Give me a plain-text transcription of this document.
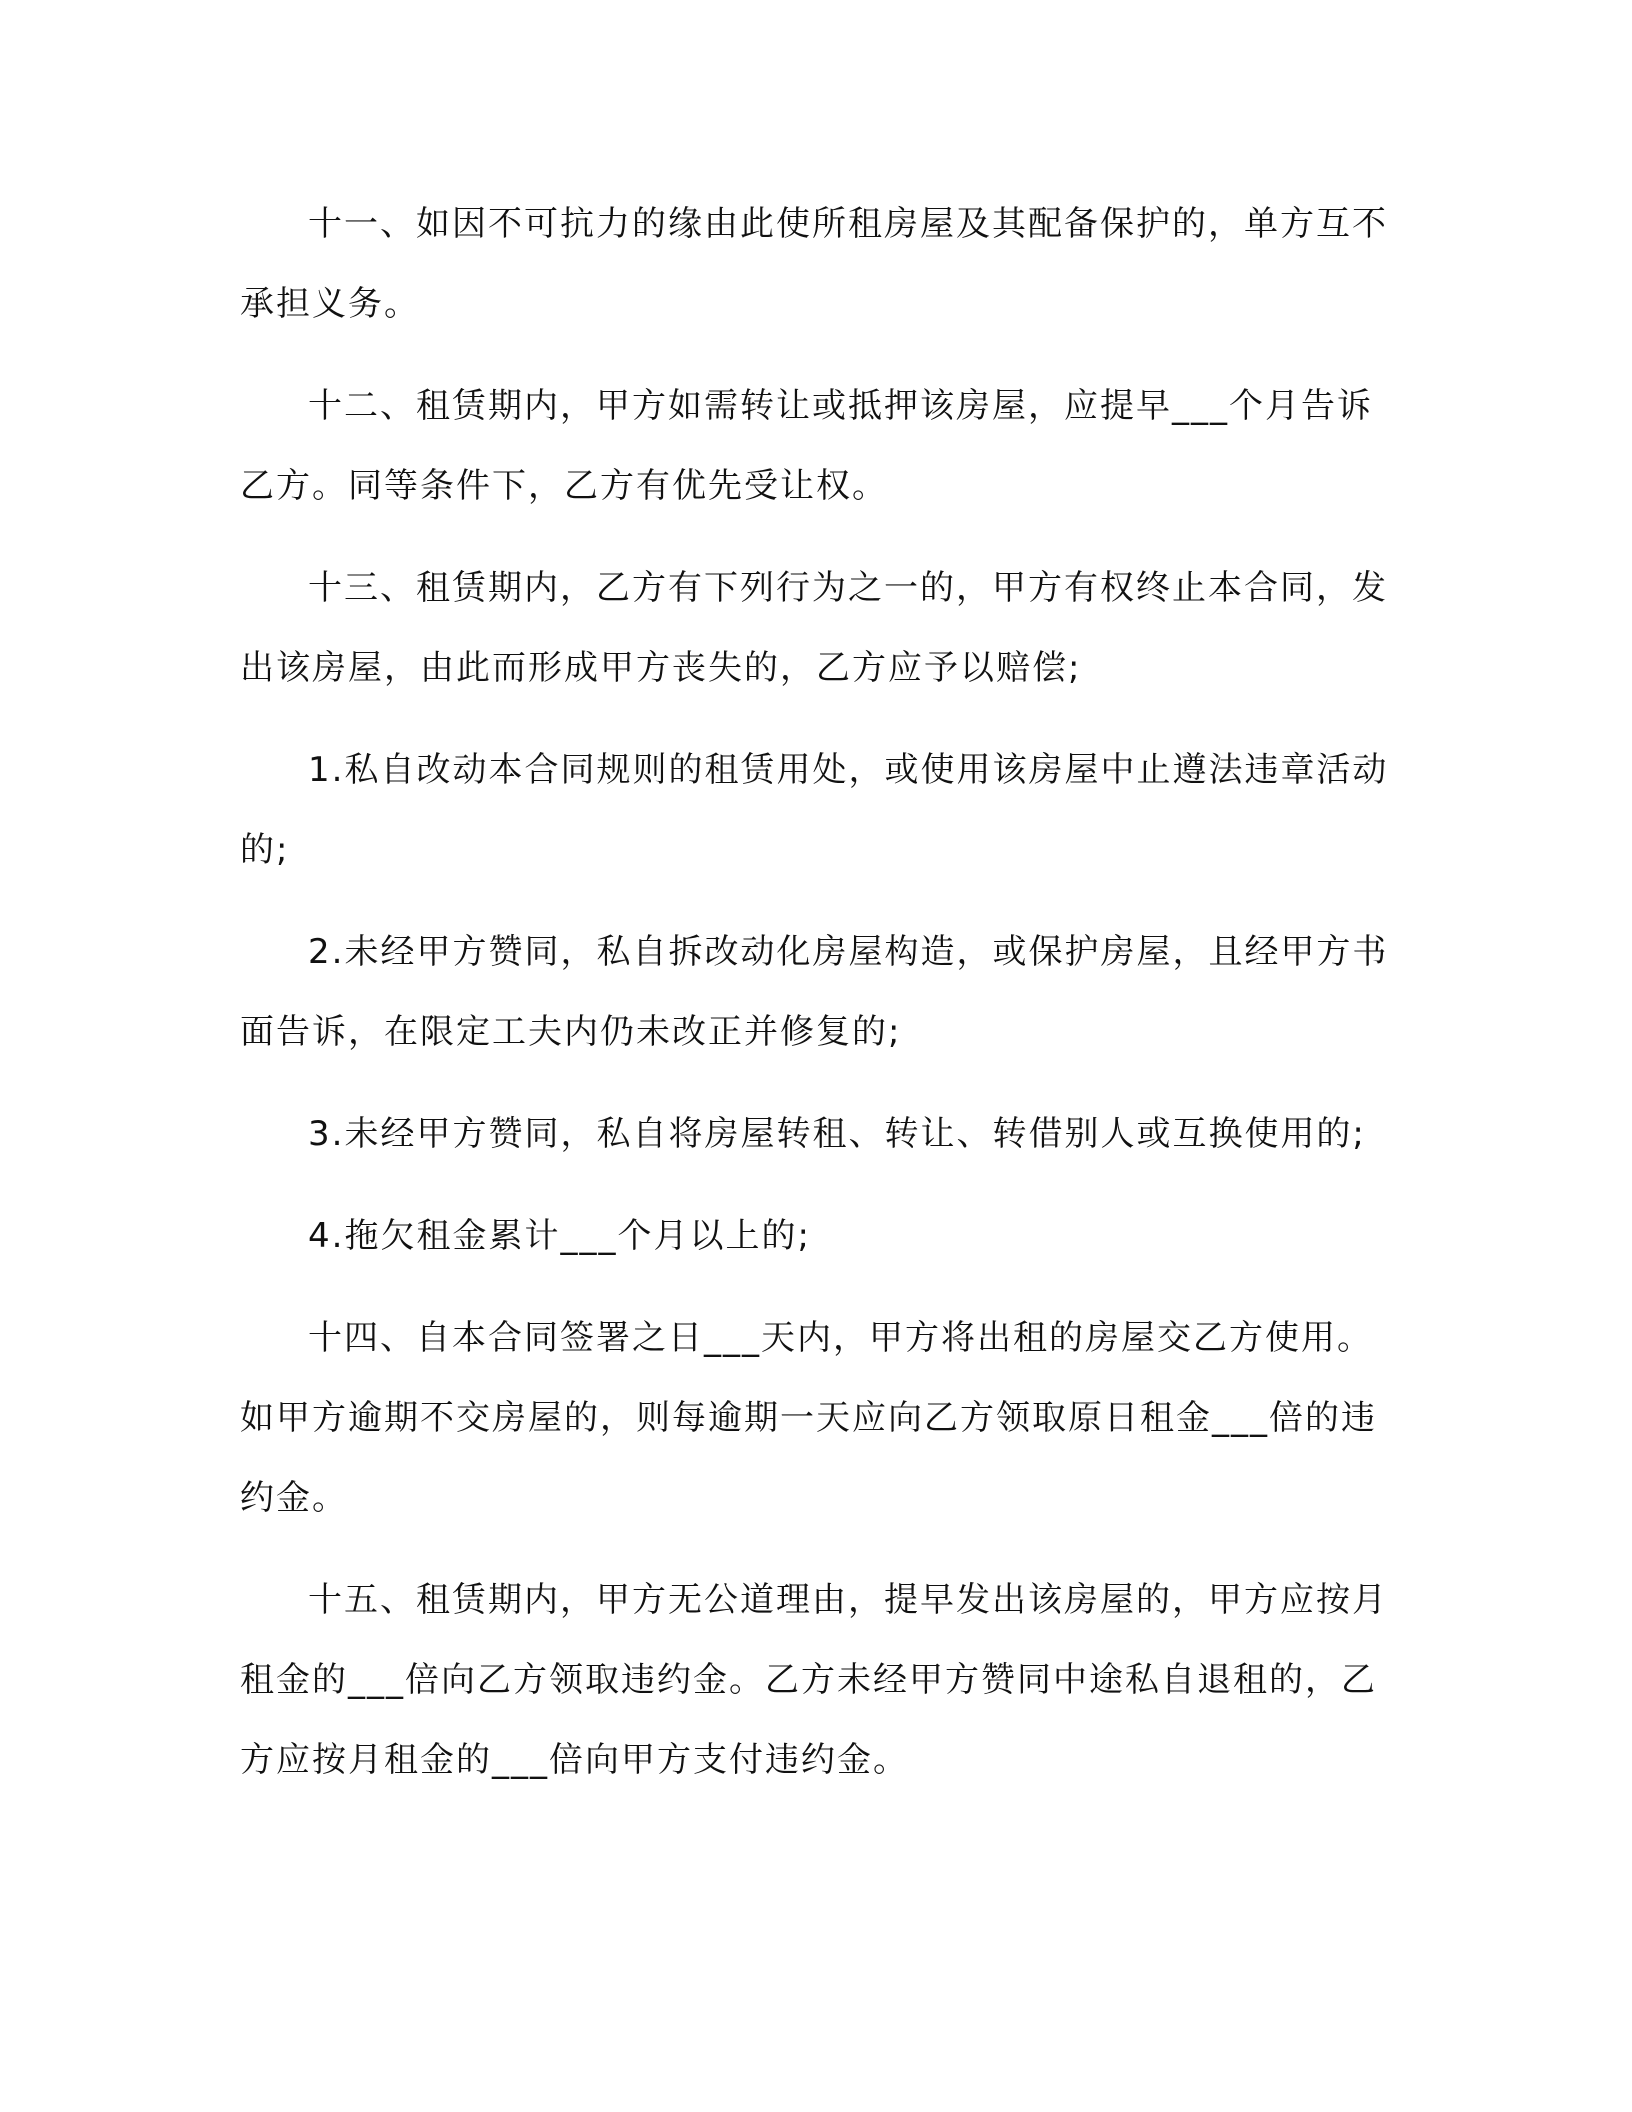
十一、如因不可抗力的缘由此使所租房屋及其配备保护的，单方互不承担义务。

十二、租赁期内，甲方如需转让或抵押该房屋，应提早___个月告诉乙方。同等条件下，乙方有优先受让权。

十三、租赁期内，乙方有下列行为之一的，甲方有权终止本合同，发出该房屋，由此而形成甲方丧失的，乙方应予以赔偿;

1.私自改动本合同规则的租赁用处，或使用该房屋中止遵法违章活动的;

2.未经甲方赞同，私自拆改动化房屋构造，或保护房屋，且经甲方书面告诉，在限定工夫内仍未改正并修复的;

3.未经甲方赞同，私自将房屋转租、转让、转借别人或互换使用的;

4.拖欠租金累计___个月以上的;

十四、自本合同签署之日___天内，甲方将出租的房屋交乙方使用。如甲方逾期不交房屋的，则每逾期一天应向乙方领取原日租金___倍的违约金。

十五、租赁期内，甲方无公道理由，提早发出该房屋的，甲方应按月租金的___倍向乙方领取违约金。乙方未经甲方赞同中途私自退租的，乙方应按月租金的___倍向甲方支付违约金。
